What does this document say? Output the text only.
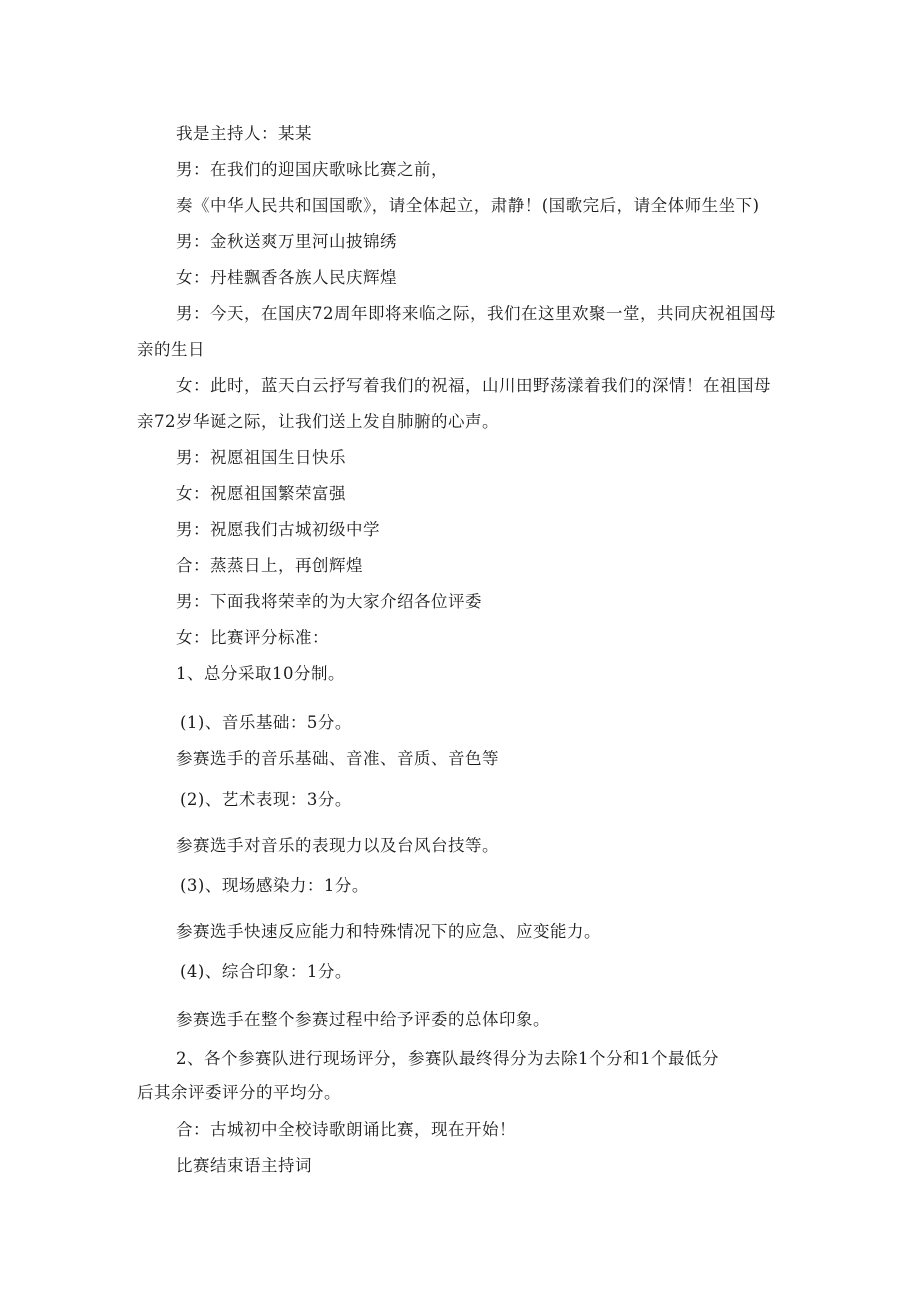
我是主持人：某某
男：在我们的迎国庆歌咏比赛之前，
奏《中华人民共和国国歌》，请全体起立，肃静！(国歌完后，请全体师生坐下)
男：金秋送爽万里河山披锦绣
女：丹桂飘香各族人民庆辉煌
男：今天，在国庆72周年即将来临之际，我们在这里欢聚一堂，共同庆祝祖国母
亲的生日
女：此时，蓝天白云抒写着我们的祝福，山川田野荡漾着我们的深情！在祖国母
亲72岁华诞之际，让我们送上发自肺腑的心声。
男：祝愿祖国生日快乐
女：祝愿祖国繁荣富强
男：祝愿我们古城初级中学
合：蒸蒸日上，再创辉煌
男：下面我将荣幸的为大家介绍各位评委
女：比赛评分标准：
1、总分采取10分制。
(1)、音乐基础：5分。
参赛选手的音乐基础、音准、音质、音色等
(2)、艺术表现：3分。
参赛选手对音乐的表现力以及台风台技等。
(3)、现场感染力：1分。
参赛选手快速反应能力和特殊情况下的应急、应变能力。
(4)、综合印象：1分。
参赛选手在整个参赛过程中给予评委的总体印象。
2、各个参赛队进行现场评分，参赛队最终得分为去除1个分和1个最低分
后其余评委评分的平均分。
合：古城初中全校诗歌朗诵比赛，现在开始！
比赛结束语主持词
